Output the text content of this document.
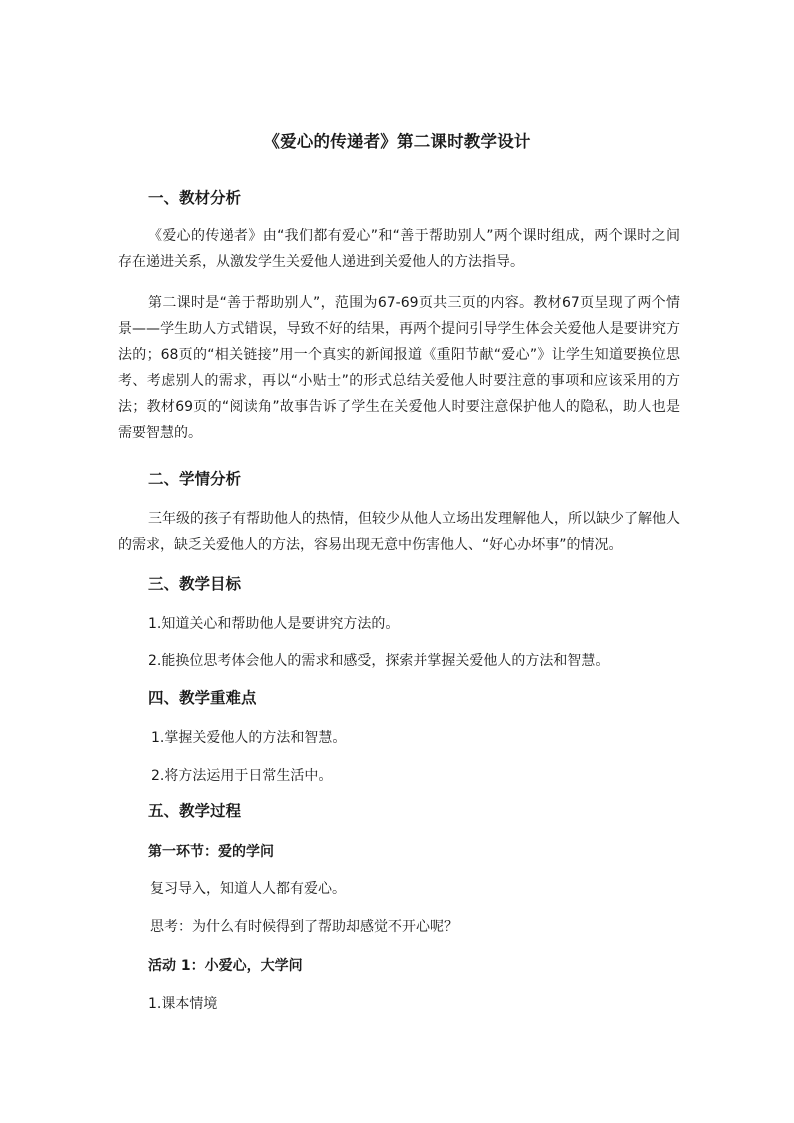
《爱心的传递者》第二课时教学设计
一、教材分析

《爱心的传递者》由“我们都有爱心”和“善于帮助别人”两个课时组成，两个课时之间存在递进关系，从激发学生关爱他人递进到关爱他人的方法指导。

第二课时是“善于帮助别人”，范围为67-69页共三页的内容。教材67页呈现了两个情景——学生助人方式错误，导致不好的结果，再两个提问引导学生体会关爱他人是要讲究方法的；68页的“相关链接”用一个真实的新闻报道《重阳节献“爱心”》让学生知道要换位思考、考虑别人的需求，再以“小贴士”的形式总结关爱他人时要注意的事项和应该采用的方法；教材69页的“阅读角”故事告诉了学生在关爱他人时要注意保护他人的隐私，助人也是需要智慧的。

二、学情分析

三年级的孩子有帮助他人的热情，但较少从他人立场出发理解他人，所以缺少了解他人的需求，缺乏关爱他人的方法，容易出现无意中伤害他人、“好心办坏事”的情况。

三、教学目标
1.知道关心和帮助他人是要讲究方法的。
2.能换位思考体会他人的需求和感受，探索并掌握关爱他人的方法和智慧。
四、教学重难点
1.掌握关爱他人的方法和智慧。
2.将方法运用于日常生活中。
五、教学过程
第一环节：爱的学问
复习导入，知道人人都有爱心。
思考：为什么有时候得到了帮助却感觉不开心呢？
活动 1：小爱心，大学问
1.课本情境
